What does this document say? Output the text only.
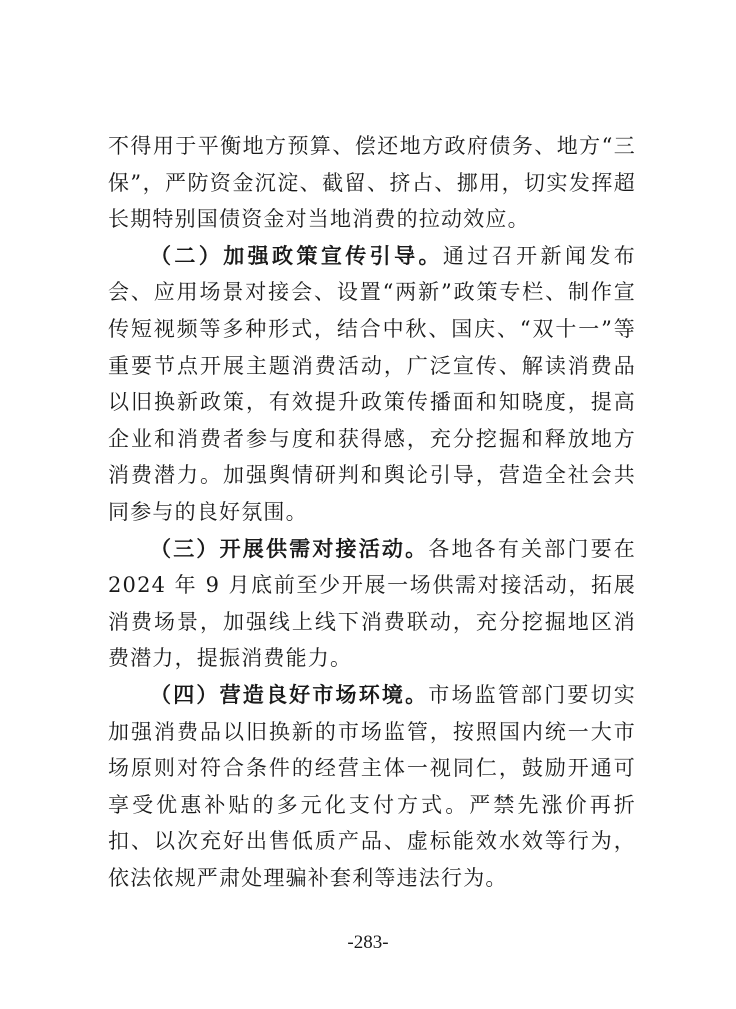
不得用于平衡地方预算、偿还地方政府债务、地方“三保”，严防资金沉淀、截留、挤占、挪用，切实发挥超长期特别国债资金对当地消费的拉动效应。

（二）加强政策宣传引导。通过召开新闻发布会、应用场景对接会、设置“两新”政策专栏、制作宣传短视频等多种形式，结合中秋、国庆、“双十一”等重要节点开展主题消费活动，广泛宣传、解读消费品以旧换新政策，有效提升政策传播面和知晓度，提高企业和消费者参与度和获得感，充分挖掘和释放地方消费潜力。加强舆情研判和舆论引导，营造全社会共同参与的良好氛围。

（三）开展供需对接活动。各地各有关部门要在 2024 年 9 月底前至少开展一场供需对接活动，拓展消费场景，加强线上线下消费联动，充分挖掘地区消费潜力，提振消费能力。

（四）营造良好市场环境。市场监管部门要切实加强消费品以旧换新的市场监管，按照国内统一大市场原则对符合条件的经营主体一视同仁，鼓励开通可享受优惠补贴的多元化支付方式。严禁先涨价再折扣、以次充好出售低质产品、虚标能效水效等行为，依法依规严肃处理骗补套利等违法行为。

-283-
